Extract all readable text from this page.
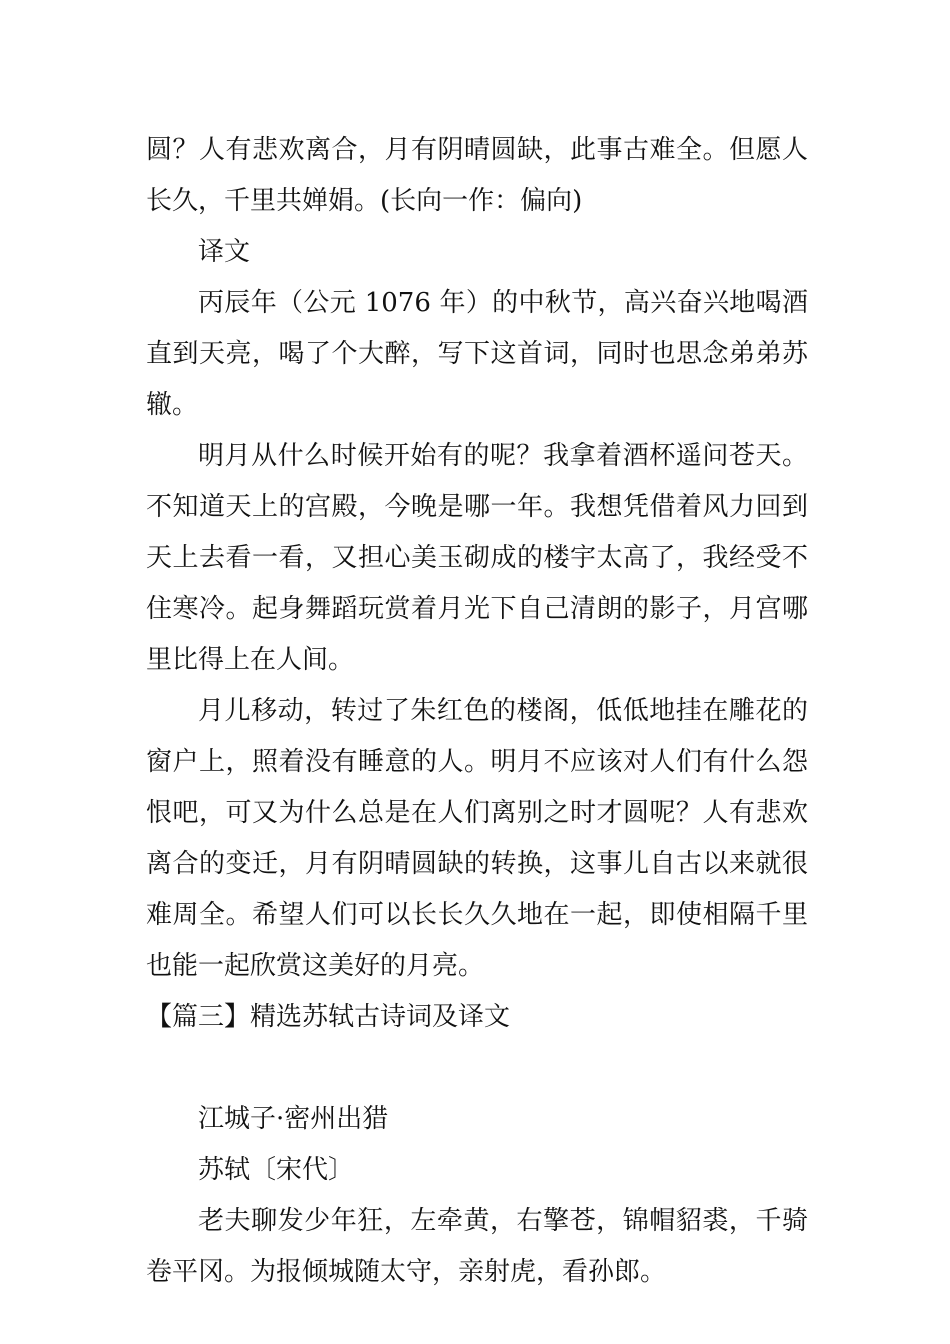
圆？人有悲欢离合，月有阴晴圆缺，此事古难全。但愿人长久，千里共婵娟。(长向一作：偏向)

译文

丙辰年（公元 1076 年）的中秋节，高兴奋兴地喝酒直到天亮，喝了个大醉，写下这首词，同时也思念弟弟苏辙。

明月从什么时候开始有的呢？我拿着酒杯遥问苍天。不知道天上的宫殿，今晚是哪一年。我想凭借着风力回到天上去看一看，又担心美玉砌成的楼宇太高了，我经受不住寒冷。起身舞蹈玩赏着月光下自己清朗的影子，月宫哪里比得上在人间。

月儿移动，转过了朱红色的楼阁，低低地挂在雕花的窗户上，照着没有睡意的人。明月不应该对人们有什么怨恨吧，可又为什么总是在人们离别之时才圆呢？人有悲欢离合的变迁，月有阴晴圆缺的转换，这事儿自古以来就很难周全。希望人们可以长长久久地在一起，即使相隔千里也能一起欣赏这美好的月亮。

【篇三】精选苏轼古诗词及译文

江城子·密州出猎

苏轼〔宋代〕

老夫聊发少年狂，左牵黄，右擎苍，锦帽貂裘，千骑卷平冈。为报倾城随太守，亲射虎，看孙郎。
